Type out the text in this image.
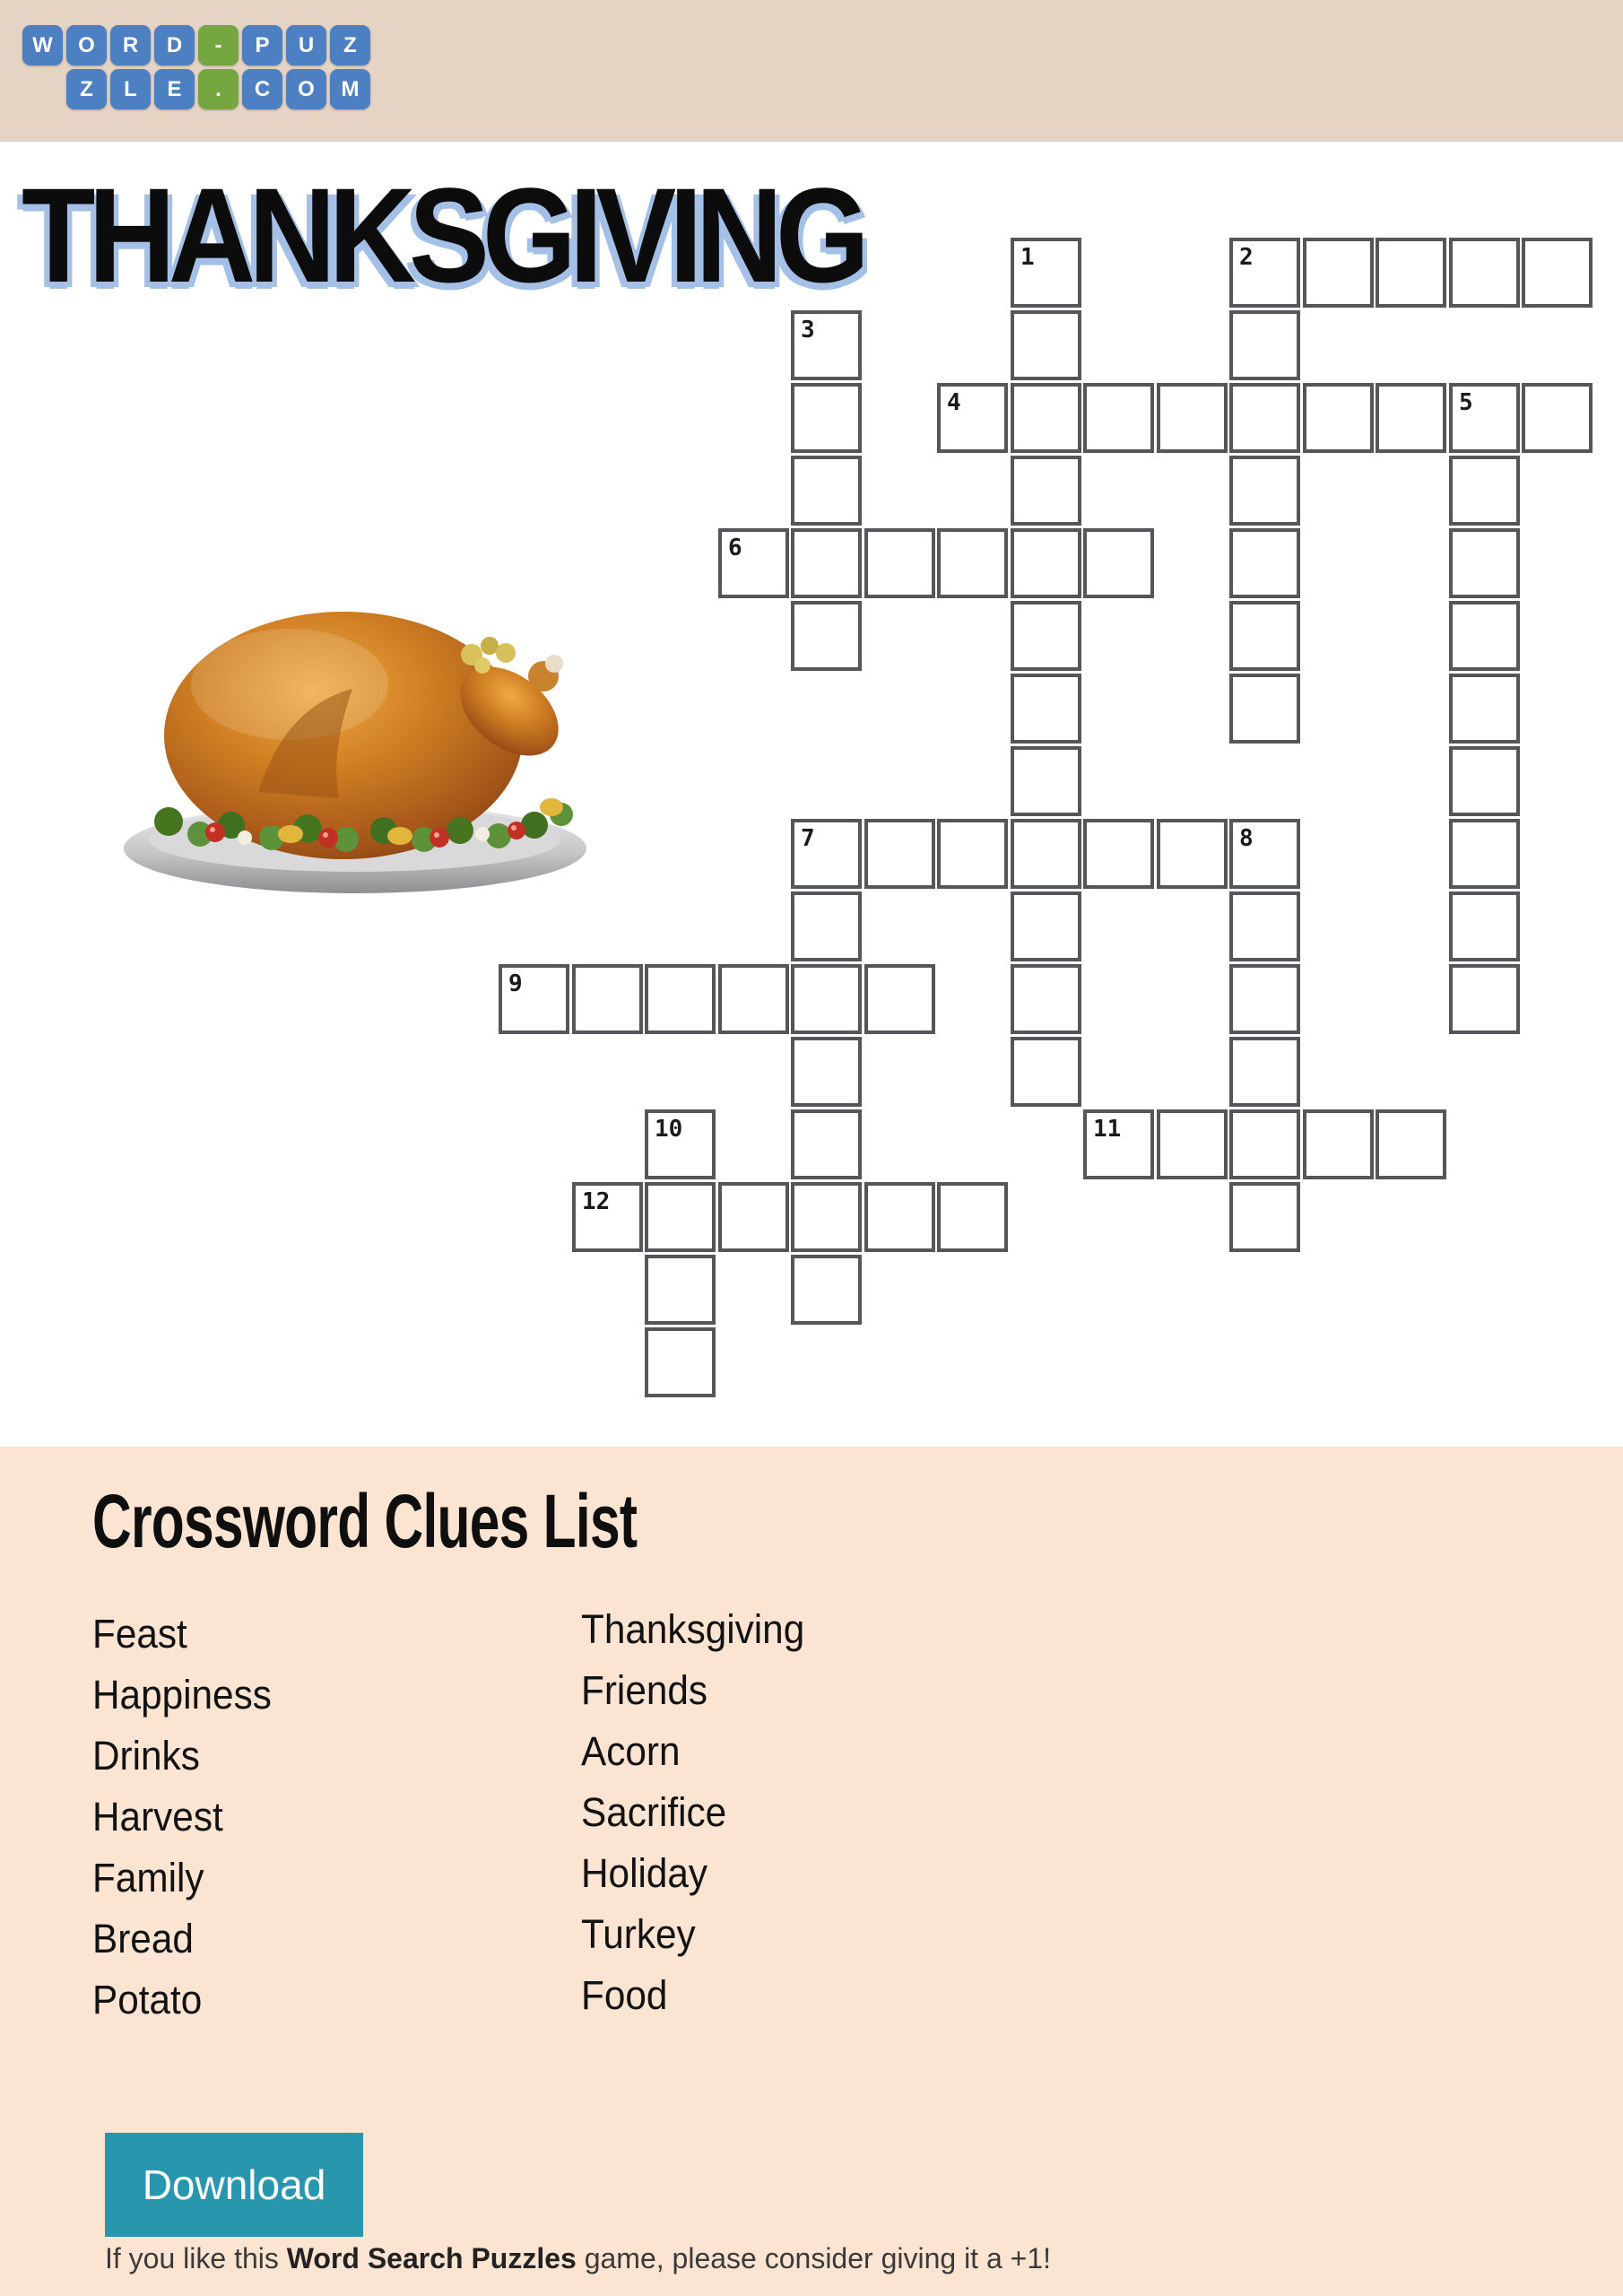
W O R D - P U Z
Z L E . C O M
THANKSGIVING	1	2
3
4	5
6
7	8
9
10	11
12
Crossword Clues List
Feast
Happiness
Drinks
Harvest
Family
Bread
Potato
Thanksgiving
Friends
Acorn
Sacrifice
Holiday
Turkey
Food
Download
If you like this Word Search Puzzles game, please consider giving it a +1!
